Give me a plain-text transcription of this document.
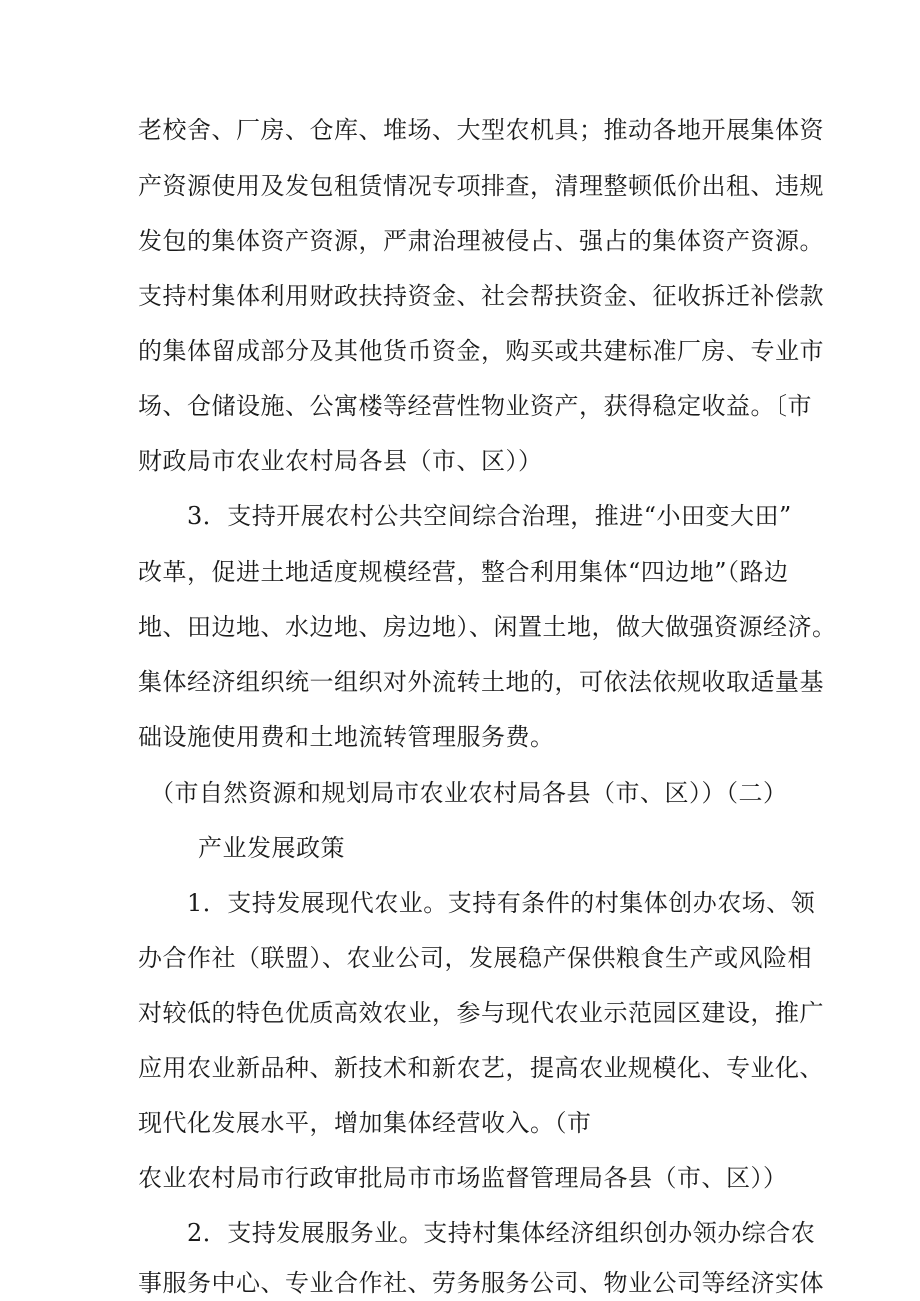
老校舍、厂房、仓库、堆场、大型农机具；推动各地开展集体资
产资源使用及发包租赁情况专项排查，清理整顿低价出租、违规
发包的集体资产资源，严肃治理被侵占、强占的集体资产资源。
支持村集体利用财政扶持资金、社会帮扶资金、征收拆迁补偿款
的集体留成部分及其他货币资金，购买或共建标准厂房、专业市
场、仓储设施、公寓楼等经营性物业资产，获得稳定收益。〔市
财政局市农业农村局各县（市、区））
3．支持开展农村公共空间综合治理，推进“小田变大田”
改革，促进土地适度规模经营，整合利用集体“四边地”（路边
地、田边地、水边地、房边地）、闲置土地，做大做强资源经济。
集体经济组织统一组织对外流转土地的，可依法依规收取适量基
础设施使用费和土地流转管理服务费。
（市自然资源和规划局市农业农村局各县（市、区））（二）
产业发展政策
1．支持发展现代农业。支持有条件的村集体创办农场、领
办合作社（联盟）、农业公司，发展稳产保供粮食生产或风险相
对较低的特色优质高效农业，参与现代农业示范园区建设，推广
应用农业新品种、新技术和新农艺，提高农业规模化、专业化、
现代化发展水平，增加集体经营收入。（市
农业农村局市行政审批局市市场监督管理局各县（市、区））
2．支持发展服务业。支持村集体经济组织创办领办综合农
事服务中心、专业合作社、劳务服务公司、物业公司等经济实体
